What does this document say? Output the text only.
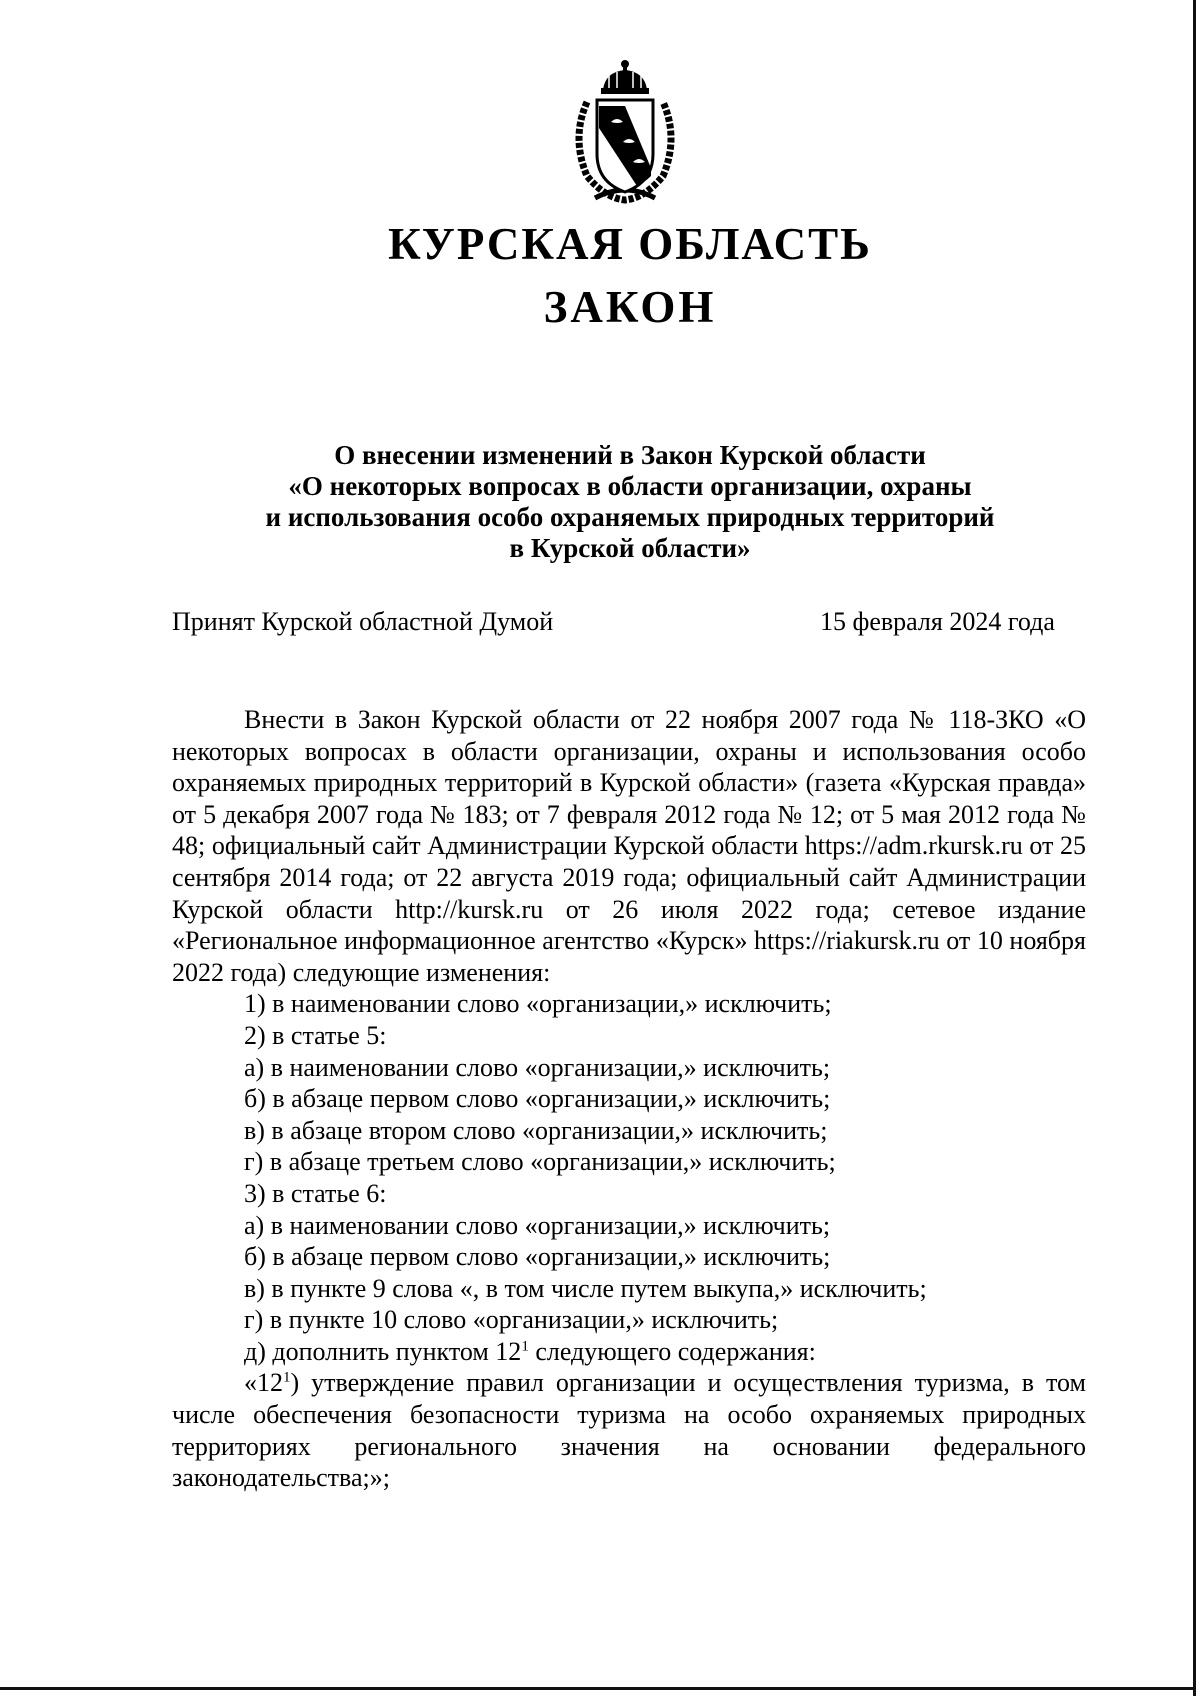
КУРСКАЯ ОБЛАСТЬ
ЗАКОН
О внесении изменений в Закон Курской области
«О некоторых вопросах в области организации, охраны
и использования особо охраняемых природных территорий
в Курской области»
Принят Курской областной Думой	15 февраля 2024 года

Внести в Закон Курской области от 22 ноября 2007 года № 118-ЗКО «О некоторых вопросах в области организации, охраны и использования особо охраняемых природных территорий в Курской области» (газета «Курская правда» от 5 декабря 2007 года № 183; от 7 февраля 2012 года № 12; от 5 мая 2012 года № 48; официальный сайт Администрации Курской области https://adm.rkursk.ru от 25 сентября 2014 года; от 22 августа 2019 года; официальный сайт Администрации Курской области http://kursk.ru от 26 июля 2022 года; сетевое издание «Региональное информационное агентство «Курск» https://riakursk.ru от 10 ноября 2022 года) следующие изменения:

1) в наименовании слово «организации,» исключить;

2) в статье 5:

а) в наименовании слово «организации,» исключить;

б) в абзаце первом слово «организации,» исключить;

в) в абзаце втором слово «организации,» исключить;

г) в абзаце третьем слово «организации,» исключить;

3) в статье 6:

а) в наименовании слово «организации,» исключить;

б) в абзаце первом слово «организации,» исключить;

в) в пункте 9 слова «, в том числе путем выкупа,» исключить;

г) в пункте 10 слово «организации,» исключить;

д) дополнить пунктом $12^1$ следующего содержания:

«$12^1$) утверждение правил организации и осуществления туризма, в том числе обеспечения безопасности туризма на особо охраняемых природных территориях регионального значения на основании федерального законодательства;»;
